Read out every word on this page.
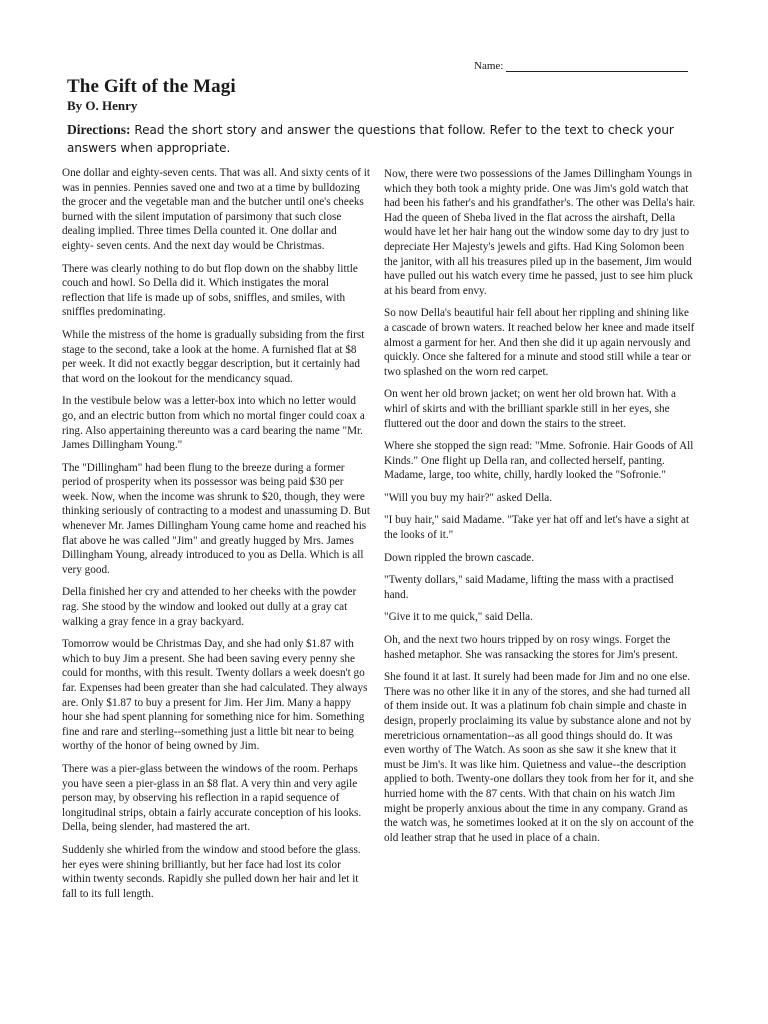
Name:
The Gift of the Magi
By O. Henry
Directions: Read the short story and answer the questions that follow. Refer to the text to check your answers when appropriate.

One dollar and eighty-seven cents. That was all. And sixty cents of it was in pennies. Pennies saved one and two at a time by bulldozing the grocer and the vegetable man and the butcher until one's cheeks burned with the silent imputation of parsimony that such close dealing implied. Three times Della counted it. One dollar and eighty- seven cents. And the next day would be Christmas.

There was clearly nothing to do but flop down on the shabby little couch and howl. So Della did it. Which instigates the moral reflection that life is made up of sobs, sniffles, and smiles, with sniffles predominating.

While the mistress of the home is gradually subsiding from the first stage to the second, take a look at the home. A furnished flat at $8 per week. It did not exactly beggar description, but it certainly had that word on the lookout for the mendicancy squad.

In the vestibule below was a letter-box into which no letter would go, and an electric button from which no mortal finger could coax a ring. Also appertaining thereunto was a card bearing the name "Mr. James Dillingham Young."

The "Dillingham" had been flung to the breeze during a former period of prosperity when its possessor was being paid $30 per week. Now, when the income was shrunk to $20, though, they were thinking seriously of contracting to a modest and unassuming D. But whenever Mr. James Dillingham Young came home and reached his flat above he was called "Jim" and greatly hugged by Mrs. James Dillingham Young, already introduced to you as Della. Which is all very good.

Della finished her cry and attended to her cheeks with the powder rag. She stood by the window and looked out dully at a gray cat walking a gray fence in a gray backyard.

Tomorrow would be Christmas Day, and she had only $1.87 with which to buy Jim a present. She had been saving every penny she could for months, with this result. Twenty dollars a week doesn't go far. Expenses had been greater than she had calculated. They always are. Only $1.87 to buy a present for Jim. Her Jim. Many a happy hour she had spent planning for something nice for him. Something fine and rare and sterling--something just a little bit near to being worthy of the honor of being owned by Jim.

There was a pier-glass between the windows of the room. Perhaps you have seen a pier-glass in an $8 flat. A very thin and very agile person may, by observing his reflection in a rapid sequence of longitudinal strips, obtain a fairly accurate conception of his looks. Della, being slender, had mastered the art.

Suddenly she whirled from the window and stood before the glass. her eyes were shining brilliantly, but her face had lost its color within twenty seconds. Rapidly she pulled down her hair and let it fall to its full length.

Now, there were two possessions of the James Dillingham Youngs in which they both took a mighty pride. One was Jim's gold watch that had been his father's and his grandfather's. The other was Della's hair. Had the queen of Sheba lived in the flat across the airshaft, Della would have let her hair hang out the window some day to dry just to depreciate Her Majesty's jewels and gifts. Had King Solomon been the janitor, with all his treasures piled up in the basement, Jim would have pulled out his watch every time he passed, just to see him pluck at his beard from envy.

So now Della's beautiful hair fell about her rippling and shining like a cascade of brown waters. It reached below her knee and made itself almost a garment for her. And then she did it up again nervously and quickly. Once she faltered for a minute and stood still while a tear or two splashed on the worn red carpet.

On went her old brown jacket; on went her old brown hat. With a whirl of skirts and with the brilliant sparkle still in her eyes, she fluttered out the door and down the stairs to the street.

Where she stopped the sign read: "Mme. Sofronie. Hair Goods of All Kinds." One flight up Della ran, and collected herself, panting. Madame, large, too white, chilly, hardly looked the "Sofronie."

"Will you buy my hair?" asked Della.

"I buy hair," said Madame. "Take yer hat off and let's have a sight at the looks of it."

Down rippled the brown cascade.

"Twenty dollars," said Madame, lifting the mass with a practised hand.

"Give it to me quick," said Della.

Oh, and the next two hours tripped by on rosy wings. Forget the hashed metaphor. She was ransacking the stores for Jim's present.

She found it at last. It surely had been made for Jim and no one else. There was no other like it in any of the stores, and she had turned all of them inside out. It was a platinum fob chain simple and chaste in design, properly proclaiming its value by substance alone and not by meretricious ornamentation--as all good things should do. It was even worthy of The Watch. As soon as she saw it she knew that it must be Jim's. It was like him. Quietness and value--the description applied to both. Twenty-one dollars they took from her for it, and she hurried home with the 87 cents. With that chain on his watch Jim might be properly anxious about the time in any company. Grand as the watch was, he sometimes looked at it on the sly on account of the old leather strap that he used in place of a chain.
